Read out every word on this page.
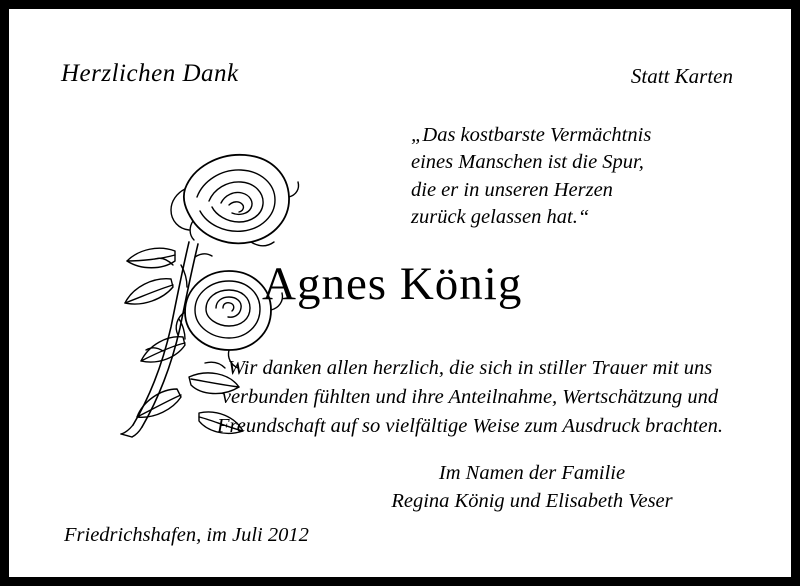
Herzlichen Dank	Statt Karten
„Das kostbarste Vermächtnis
eines Manschen ist die Spur,
die er in unseren Herzen
zurück gelassen hat.“
Agnes König
Wir danken allen herzlich, die sich in stiller Trauer mit uns
verbunden fühlten und ihre Anteilnahme, Wertschätzung und
Freundschaft auf so vielfältige Weise zum Ausdruck brachten.
Im Namen der Familie
Regina König und Elisabeth Veser
Friedrichshafen, im Juli 2012
